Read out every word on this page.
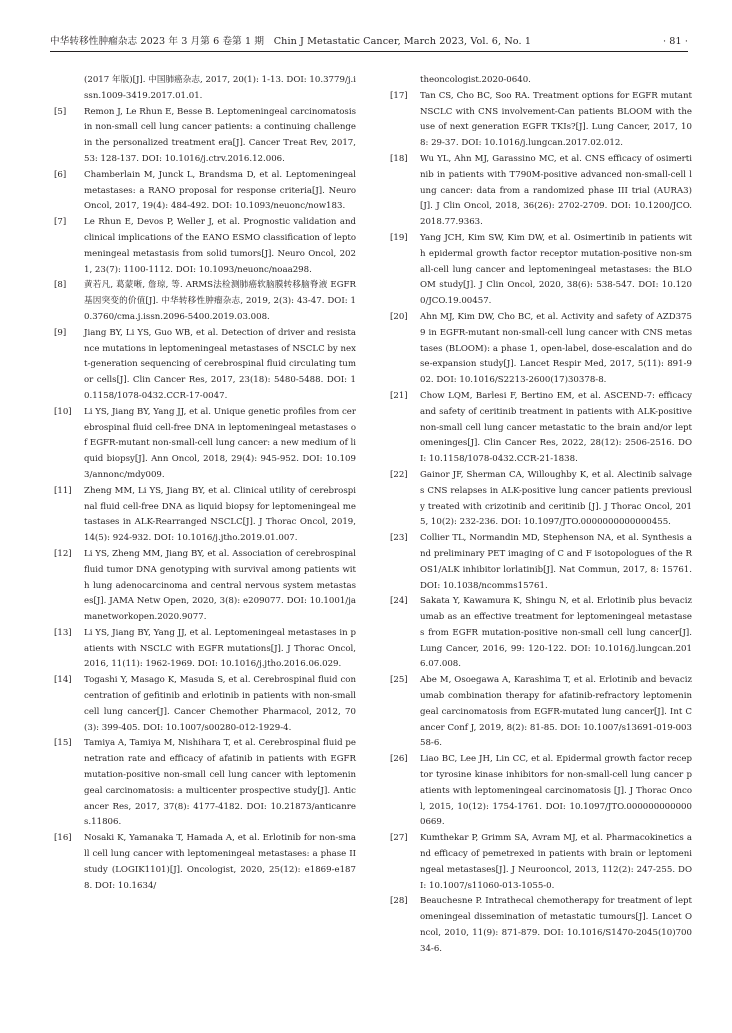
中华转移性肿瘤杂志 2023 年 3 月第 6 卷第 1 期　Chin J Metastatic Cancer, March 2023, Vol. 6, No. 1	· 81 ·
(2017 年版)[J]. 中国肺癌杂志, 2017, 20(1): 1-13. DOI: 10.3779/j.issn.1009-3419.2017.01.01.
[5] Remon J, Le Rhun E, Besse B. Leptomeningeal carcinomatosis in non-small cell lung cancer patients: a continuing challenge in the personalized treatment era[J]. Cancer Treat Rev, 2017, 53: 128-137. DOI: 10.1016/j.ctrv.2016.12.006.
[6] Chamberlain M, Junck L, Brandsma D, et al. Leptomeningeal metastases: a RANO proposal for response criteria[J]. Neuro Oncol, 2017, 19(4): 484-492. DOI: 10.1093/neuonc/now183.
[7] Le Rhun E, Devos P, Weller J, et al. Prognostic validation and clinical implications of the EANO ESMO classification of leptomeningeal metastasis from solid tumors[J]. Neuro Oncol, 2021, 23(7): 1100-1112. DOI: 10.1093/neuonc/noaa298.
[8] 黄若凡, 葛蒙晰, 詹琼, 等. ARMS法检测肺癌软脑膜转移脑脊液 EGFR 基因突变的价值[J]. 中华转移性肿瘤杂志, 2019, 2(3): 43-47. DOI: 10.3760/cma.j.issn.2096-5400.2019.03.008.
[9] Jiang BY, Li YS, Guo WB, et al. Detection of driver and resistance mutations in leptomeningeal metastases of NSCLC by next-generation sequencing of cerebrospinal fluid circulating tumor cells[J]. Clin Cancer Res, 2017, 23(18): 5480-5488. DOI: 10.1158/1078-0432.CCR-17-0047.
[10] Li YS, Jiang BY, Yang JJ, et al. Unique genetic profiles from cerebrospinal fluid cell-free DNA in leptomeningeal metastases of EGFR-mutant non-small-cell lung cancer: a new medium of liquid biopsy[J]. Ann Oncol, 2018, 29(4): 945-952. DOI: 10.1093/annonc/mdy009.
[11] Zheng MM, Li YS, Jiang BY, et al. Clinical utility of cerebrospinal fluid cell-free DNA as liquid biopsy for leptomeningeal metastases in ALK-Rearranged NSCLC[J]. J Thorac Oncol, 2019, 14(5): 924-932. DOI: 10.1016/j.jtho.2019.01.007.
[12] Li YS, Zheng MM, Jiang BY, et al. Association of cerebrospinal fluid tumor DNA genotyping with survival among patients with lung adenocarcinoma and central nervous system metastases[J]. JAMA Netw Open, 2020, 3(8): e209077. DOI: 10.1001/jamanetworkopen.2020.9077.
[13] Li YS, Jiang BY, Yang JJ, et al. Leptomeningeal metastases in patients with NSCLC with EGFR mutations[J]. J Thorac Oncol, 2016, 11(11): 1962-1969. DOI: 10.1016/j.jtho.2016.06.029.
[14] Togashi Y, Masago K, Masuda S, et al. Cerebrospinal fluid concentration of gefitinib and erlotinib in patients with non-small cell lung cancer[J]. Cancer Chemother Pharmacol, 2012, 70(3): 399-405. DOI: 10.1007/s00280-012-1929-4.
[15] Tamiya A, Tamiya M, Nishihara T, et al. Cerebrospinal fluid penetration rate and efficacy of afatinib in patients with EGFR mutation-positive non-small cell lung cancer with leptomeningeal carcinomatosis: a multicenter prospective study[J]. Anticancer Res, 2017, 37(8): 4177-4182. DOI: 10.21873/anticanres.11806.
[16] Nosaki K, Yamanaka T, Hamada A, et al. Erlotinib for non-small cell lung cancer with leptomeningeal metastases: a phase II study (LOGIK1101)[J]. Oncologist, 2020, 25(12): e1869-e1878. DOI: 10.1634/
theoncologist.2020-0640.
[17] Tan CS, Cho BC, Soo RA. Treatment options for EGFR mutant NSCLC with CNS involvement-Can patients BLOOM with the use of next generation EGFR TKIs?[J]. Lung Cancer, 2017, 108: 29-37. DOI: 10.1016/j.lungcan.2017.02.012.
[18] Wu YL, Ahn MJ, Garassino MC, et al. CNS efficacy of osimertinib in patients with T790M-positive advanced non-small-cell lung cancer: data from a randomized phase III trial (AURA3) [J]. J Clin Oncol, 2018, 36(26): 2702-2709. DOI: 10.1200/JCO.2018.77.9363.
[19] Yang JCH, Kim SW, Kim DW, et al. Osimertinib in patients with epidermal growth factor receptor mutation-positive non-small-cell lung cancer and leptomeningeal metastases: the BLOOM study[J]. J Clin Oncol, 2020, 38(6): 538-547. DOI: 10.1200/JCO.19.00457.
[20] Ahn MJ, Kim DW, Cho BC, et al. Activity and safety of AZD3759 in EGFR-mutant non-small-cell lung cancer with CNS metastases (BLOOM): a phase 1, open-label, dose-escalation and dose-expansion study[J]. Lancet Respir Med, 2017, 5(11): 891-902. DOI: 10.1016/S2213-2600(17)30378-8.
[21] Chow LQM, Barlesi F, Bertino EM, et al. ASCEND-7: efficacy and safety of ceritinib treatment in patients with ALK-positive non-small cell lung cancer metastatic to the brain and/or leptomeninges[J]. Clin Cancer Res, 2022, 28(12): 2506-2516. DOI: 10.1158/1078-0432.CCR-21-1838.
[22] Gainor JF, Sherman CA, Willoughby K, et al. Alectinib salvages CNS relapses in ALK-positive lung cancer patients previously treated with crizotinib and ceritinib [J]. J Thorac Oncol, 2015, 10(2): 232-236. DOI: 10.1097/JTO.0000000000000455.
[23] Collier TL, Normandin MD, Stephenson NA, et al. Synthesis and preliminary PET imaging of C and F isotopologues of the ROS1/ALK inhibitor lorlatinib[J]. Nat Commun, 2017, 8: 15761. DOI: 10.1038/ncomms15761.
[24] Sakata Y, Kawamura K, Shingu N, et al. Erlotinib plus bevacizumab as an effective treatment for leptomeningeal metastases from EGFR mutation-positive non-small cell lung cancer[J]. Lung Cancer, 2016, 99: 120-122. DOI: 10.1016/j.lungcan.2016.07.008.
[25] Abe M, Osoegawa A, Karashima T, et al. Erlotinib and bevacizumab combination therapy for afatinib-refractory leptomeningeal carcinomatosis from EGFR-mutated lung cancer[J]. Int Cancer Conf J, 2019, 8(2): 81-85. DOI: 10.1007/s13691-019-00358-6.
[26] Liao BC, Lee JH, Lin CC, et al. Epidermal growth factor receptor tyrosine kinase inhibitors for non-small-cell lung cancer patients with leptomeningeal carcinomatosis [J]. J Thorac Oncol, 2015, 10(12): 1754-1761. DOI: 10.1097/JTO.0000000000000669.
[27] Kumthekar P, Grimm SA, Avram MJ, et al. Pharmacokinetics and efficacy of pemetrexed in patients with brain or leptomeningeal metastases[J]. J Neurooncol, 2013, 112(2): 247-255. DOI: 10.1007/s11060-013-1055-0.
[28] Beauchesne P. Intrathecal chemotherapy for treatment of leptomeningeal dissemination of metastatic tumours[J]. Lancet Oncol, 2010, 11(9): 871-879. DOI: 10.1016/S1470-2045(10)70034-6.
